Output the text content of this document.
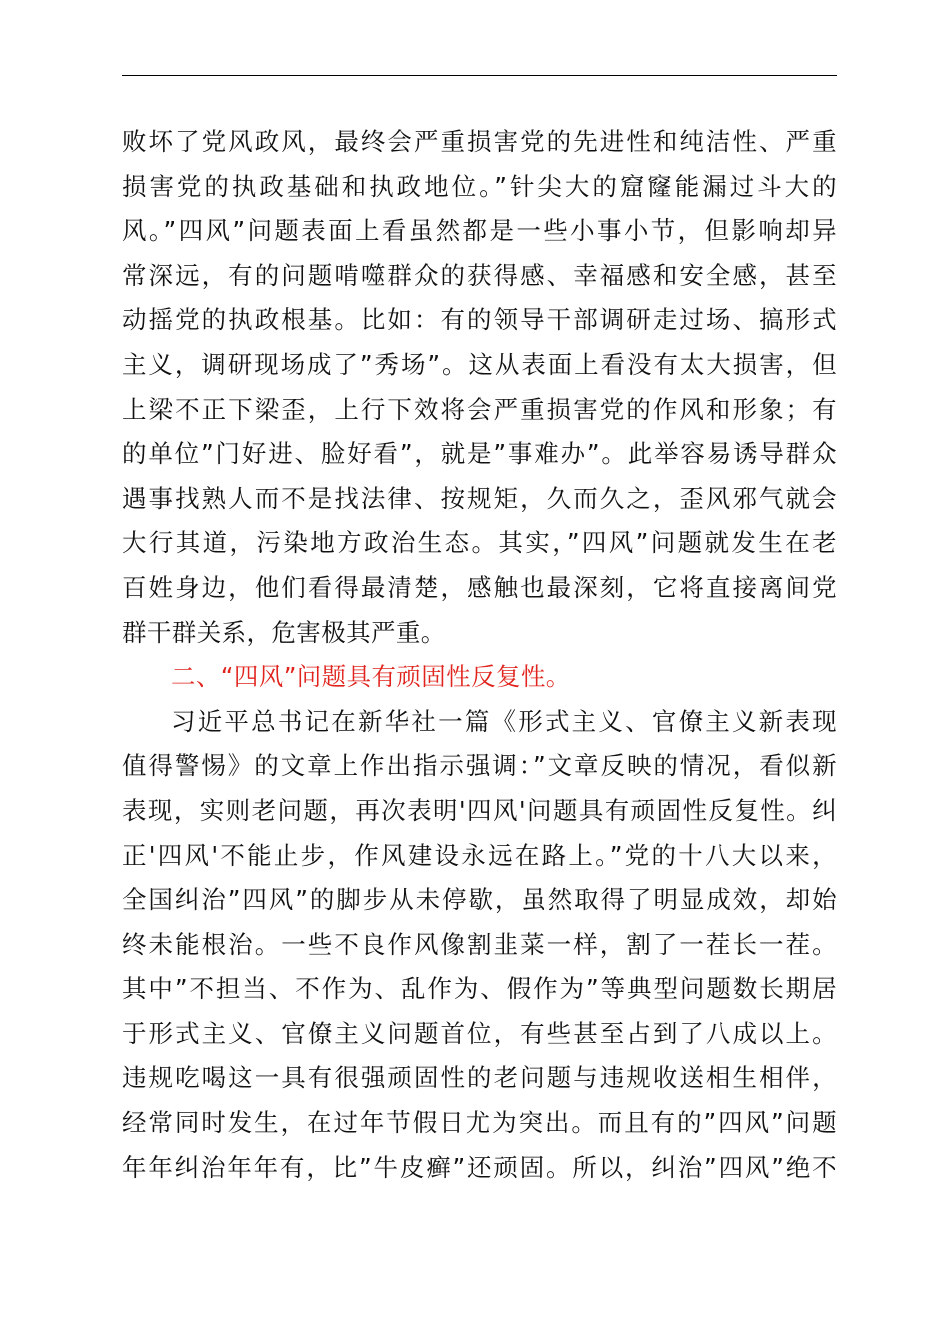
败坏了党风政风，最终会严重损害党的先进性和纯洁性、严重
损害党的执政基础和执政地位。”针尖大的窟窿能漏过斗大的
风。”四风”问题表面上看虽然都是一些小事小节，但影响却异
常深远，有的问题啃噬群众的获得感、幸福感和安全感，甚至
动摇党的执政根基。比如：有的领导干部调研走过场、搞形式
主义，调研现场成了”秀场”。这从表面上看没有太大损害，但
上梁不正下梁歪，上行下效将会严重损害党的作风和形象；有
的单位”门好进、脸好看”，就是”事难办”。此举容易诱导群众
遇事找熟人而不是找法律、按规矩，久而久之，歪风邪气就会
大行其道，污染地方政治生态。其实，”四风”问题就发生在老
百姓身边，他们看得最清楚，感触也最深刻，它将直接离间党
群干群关系，危害极其严重。
二、“四风”问题具有顽固性反复性。
习近平总书记在新华社一篇《形式主义、官僚主义新表现
值得警惕》的文章上作出指示强调：”文章反映的情况，看似新
表现，实则老问题，再次表明'四风'问题具有顽固性反复性。纠
正'四风'不能止步，作风建设永远在路上。”党的十八大以来，
全国纠治”四风”的脚步从未停歇，虽然取得了明显成效，却始
终未能根治。一些不良作风像割韭菜一样，割了一茬长一茬。
其中”不担当、不作为、乱作为、假作为”等典型问题数长期居
于形式主义、官僚主义问题首位，有些甚至占到了八成以上。
违规吃喝这一具有很强顽固性的老问题与违规收送相生相伴，
经常同时发生，在过年节假日尤为突出。而且有的”四风”问题
年年纠治年年有，比”牛皮癣”还顽固。所以，纠治”四风”绝不
